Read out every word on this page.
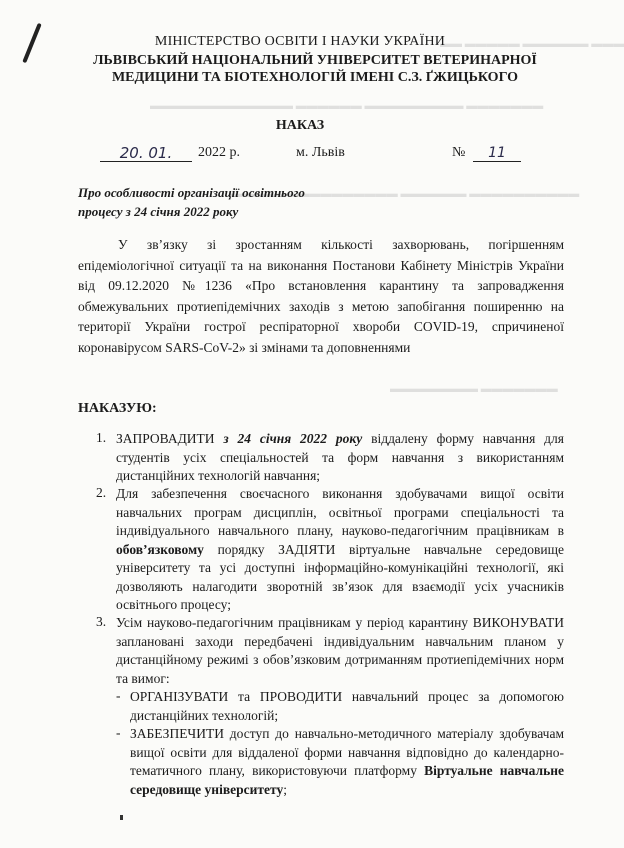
▬▬▬ ▬▬▬▬▬▬ ▬▬▬▬▬ ▬▬
▬▬▬▬▬▬▬ ▬▬▬▬▬▬▬▬▬ ▬▬▬▬▬▬ ▬▬▬▬▬▬▬▬▬▬▬▬▬
▬▬▬▬▬▬▬▬▬▬ ▬▬▬▬▬▬ ▬▬▬▬▬▬▬▬▬▬ ▬▬▬▬▬
▬▬▬▬▬▬▬ ▬▬▬▬▬▬▬▬
МІНІСТЕРСТВО ОСВІТИ І НАУКИ УКРАЇНИ
ЛЬВІВСЬКИЙ НАЦІОНАЛЬНИЙ УНІВЕРСИТЕТ ВЕТЕРИНАРНОЇ МЕДИЦИНИ ТА БІОТЕХНОЛОГІЙ ІМЕНІ С.З. ҐЖИЦЬКОГО
НАКАЗ
20. 01.	2022 р.	м. Львів	№	11
Про особливості організації освітнього
процесу з 24 січня 2022 року
У зв’язку зі зростанням кількості захворювань, погіршенням епідеміологічної ситуації та на виконання Постанови Кабінету Міністрів України від 09.12.2020 №1236 «Про встановлення карантину та запровадження обмежувальних протиепідемічних заходів з метою запобігання поширенню на території України гострої респіраторної хвороби COVID-19, спричиненої коронавірусом SARS-CoV-2» зі змінами та доповненнями
НАКАЗУЮ:
1. ЗАПРОВАДИТИ з 24 січня 2022 року віддалену форму навчання для студентів усіх спеціальностей та форм навчання з використанням дистанційних технологій навчання;
2. Для забезпечення своєчасного виконання здобувачами вищої освіти навчальних програм дисциплін, освітньої програми спеціальності та індивідуального навчального плану, науково-педагогічним працівникам в обов’язковому порядку ЗАДІЯТИ віртуальне навчальне середовище університету та усі доступні інформаційно-комунікаційні технології, які дозволяють налагодити зворотній зв’язок для взаємодії усіх учасників освітнього процесу;
3. Усім науково-педагогічним працівникам у період карантину ВИКОНУВАТИ заплановані заходи передбачені індивідуальним навчальним планом у дистанційному режимі з обов’язковим дотриманням протиепідемічних норм та вимог:
- ОРГАНІЗУВАТИ та ПРОВОДИТИ навчальний процес за допомогою дистанційних технологій;
- ЗАБЕЗПЕЧИТИ доступ до навчально-методичного матеріалу здобувачам вищої освіти для віддаленої форми навчання відповідно до календарно-тематичного плану, використовуючи платформу Віртуальне навчальне середовище університету;
